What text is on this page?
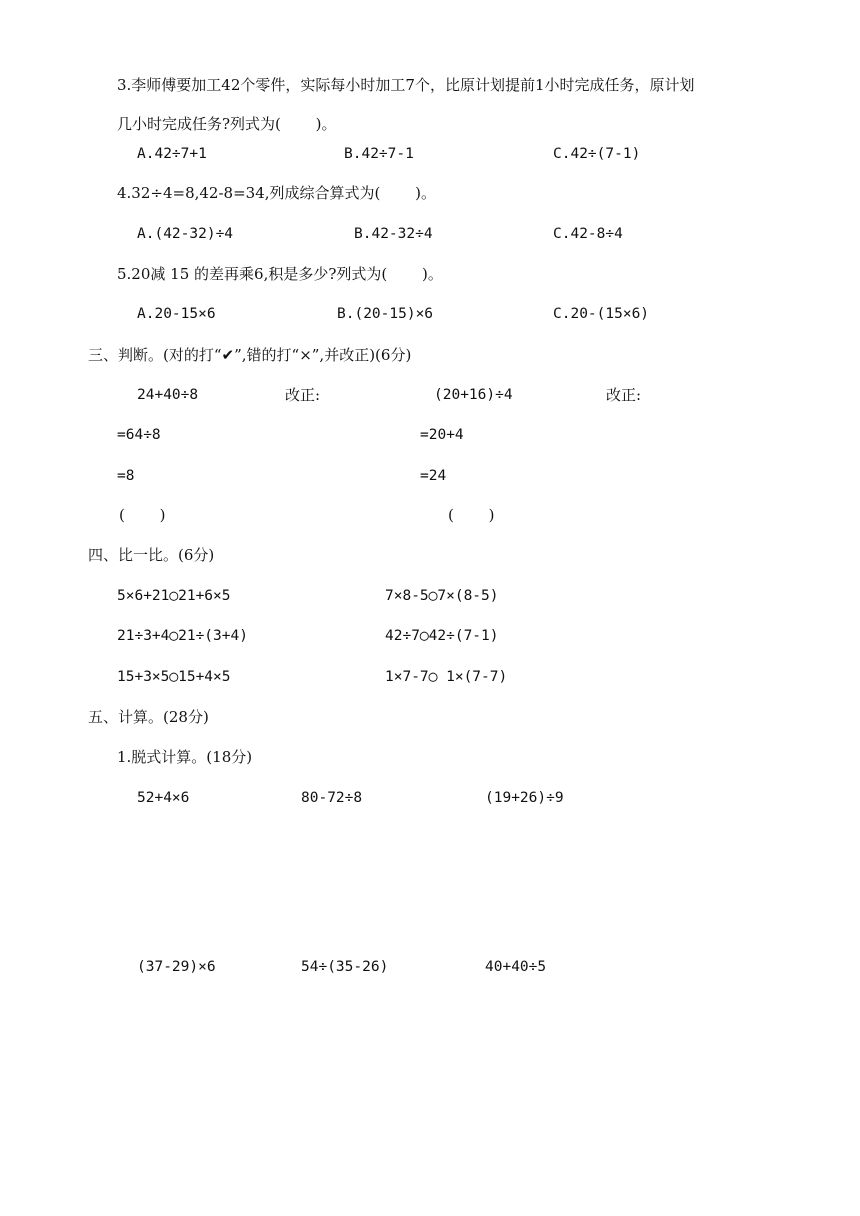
3.李师傅要加工42个零件，实际每小时加工7个，比原计划提前1小时完成任务，原计划
几小时完成任务?列式为(　　 )。
A.42÷7+1	B.42÷7-1	C.42÷(7-1)
4.32÷4=8,42-8=34,列成综合算式为(　　 )。
A.(42-32)÷4	B.42-32÷4	C.42-8÷4
5.20减 15 的差再乘6,积是多少?列式为(　　 )。
A.20-15×6	B.(20-15)×6	C.20-(15×6)
三、判断。(对的打“✔”,错的打“×”,并改正)(6分)
24+40÷8	改正:	(20+16)÷4	改正:
=64÷8	=20+4
=8	=24
(　　 )	(　　 )
四、比一比。(6分)
5×6+21◯21+6×5	7×8-5◯7×(8-5)
21÷3+4◯21÷(3+4)	42÷7◯42÷(7-1)
15+3×5◯15+4×5	1×7-7◯ 1×(7-7)
五、计算。(28分)
1.脱式计算。(18分)
52+4×6	80-72÷8	(19+26)÷9
(37-29)×6	54÷(35-26)	40+40÷5
